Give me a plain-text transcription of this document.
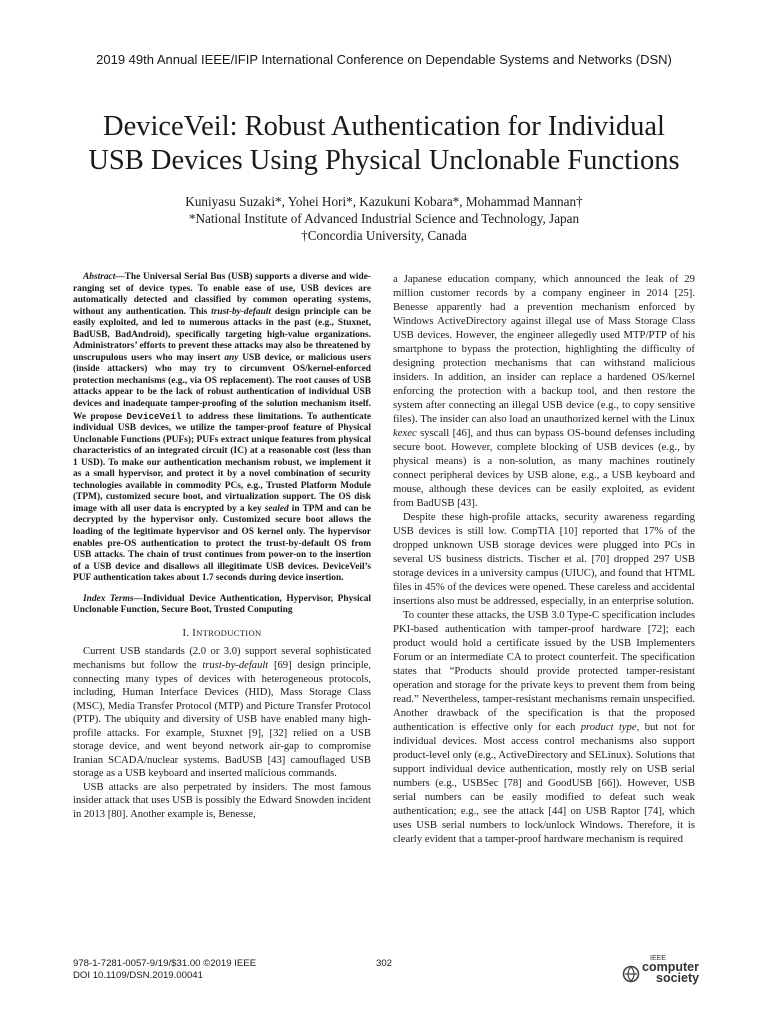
2019 49th Annual IEEE/IFIP International Conference on Dependable Systems and Networks (DSN)
DeviceVeil: Robust Authentication for Individual
USB Devices Using Physical Unclonable Functions
Kuniyasu Suzaki*, Yohei Hori*, Kazukuni Kobara*, Mohammad Mannan†
*National Institute of Advanced Industrial Science and Technology, Japan
†Concordia University, Canada

Abstract—The Universal Serial Bus (USB) supports a diverse and wide-ranging set of device types. To enable ease of use, USB devices are automatically detected and classified by common operating systems, without any authentication. This trust-by-default design principle can be easily exploited, and led to numerous attacks in the past (e.g., Stuxnet, BadUSB, BadAndroid), specifically targeting high-value organizations. Administrators’ efforts to prevent these attacks may also be threatened by unscrupulous users who may insert any USB device, or malicious users (inside attackers) who may try to circumvent OS/kernel-enforced protection mechanisms (e.g., via OS replacement). The root causes of USB attacks appear to be the lack of robust authentication of individual USB devices and inadequate tamper-proofing of the solution mechanism itself. We propose DeviceVeil to address these limitations. To authenticate individual USB devices, we utilize the tamper-proof feature of Physical Unclonable Functions (PUFs); PUFs extract unique features from physical characteristics of an integrated circuit (IC) at a reasonable cost (less than 1 USD). To make our authentication mechanism robust, we implement it as a small hypervisor, and protect it by a novel combination of security technologies available in commodity PCs, e.g., Trusted Platform Module (TPM), customized secure boot, and virtualization support. The OS disk image with all user data is encrypted by a key sealed in TPM and can be decrypted by the hypervisor only. Customized secure boot allows the loading of the legitimate hypervisor and OS kernel only. The hypervisor enables pre-OS authentication to protect the trust-by-default OS from USB attacks. The chain of trust continues from power-on to the insertion of a USB device and disallows all illegitimate USB devices. DeviceVeil’s PUF authentication takes about 1.7 seconds during device insertion.

Index Terms—Individual Device Authentication, Hypervisor, Physical Unclonable Function, Secure Boot, Trusted Computing

I. INTRODUCTION

Current USB standards (2.0 or 3.0) support several sophisticated mechanisms but follow the trust-by-default [69] design principle, connecting many types of devices with heterogeneous protocols, including, Human Interface Devices (HID), Mass Storage Class (MSC), Media Transfer Protocol (MTP) and Picture Transfer Protocol (PTP). The ubiquity and diversity of USB have enabled many high-profile attacks. For example, Stuxnet [9], [32] relied on a USB storage device, and went beyond network air-gap to compromise Iranian SCADA/nuclear systems. BadUSB [43] camouflaged USB storage as a USB keyboard and inserted malicious commands.

USB attacks are also perpetrated by insiders. The most famous insider attack that uses USB is possibly the Edward Snowden incident in 2013 [80]. Another example is, Benesse,

a Japanese education company, which announced the leak of 29 million customer records by a company engineer in 2014 [25]. Benesse apparently had a prevention mechanism enforced by Windows ActiveDirectory against illegal use of Mass Storage Class USB devices. However, the engineer allegedly used MTP/PTP of his smartphone to bypass the protection, highlighting the difficulty of designing protection mechanisms that can withstand malicious insiders. In addition, an insider can replace a hardened OS/kernel enforcing the protection with a backup tool, and then restore the system after connecting an illegal USB device (e.g., to copy sensitive files). The insider can also load an unauthorized kernel with the Linux kexec syscall [46], and thus can bypass OS-bound defenses including secure boot. However, complete blocking of USB devices (e.g., by physical means) is a non-solution, as many machines routinely connect peripheral devices by USB alone, e.g., a USB keyboard and mouse, although these devices can be easily exploited, as evident from BadUSB [43].

Despite these high-profile attacks, security awareness regarding USB devices is still low. CompTIA [10] reported that 17% of the dropped unknown USB storage devices were plugged into PCs in several US business districts. Tischer et al. [70] dropped 297 USB storage devices in a university campus (UIUC), and found that HTML files in 45% of the devices were opened. These careless and accidental insertions also must be addressed, especially, in an enterprise solution.

To counter these attacks, the USB 3.0 Type-C specification includes PKI-based authentication with tamper-proof hardware [72]; each product would hold a certificate issued by the USB Implementers Forum or an intermediate CA to protect counterfeit. The specification states that “Products should provide protected tamper-resistant operation and storage for the private keys to prevent them from being read.” Nevertheless, tamper-resistant mechanisms remain unspecified. Another drawback of the specification is that the proposed authentication is effective only for each product type, but not for individual devices. Most access control mechanisms also support product-level only (e.g., ActiveDirectory and SELinux). Solutions that support individual device authentication, mostly rely on USB serial numbers (e.g., USBSec [78] and GoodUSB [66]). However, USB serial numbers can be easily modified to defeat such weak authentication; e.g., see the attack [44] on USB Raptor [74], which uses USB serial numbers to lock/unlock Windows. Therefore, it is clearly evident that a tamper-proof hardware mechanism is required

978-1-7281-0057-9/19/$31.00 ©2019 IEEE
DOI 10.1109/DSN.2019.00041
302	IEEE
computer
society
